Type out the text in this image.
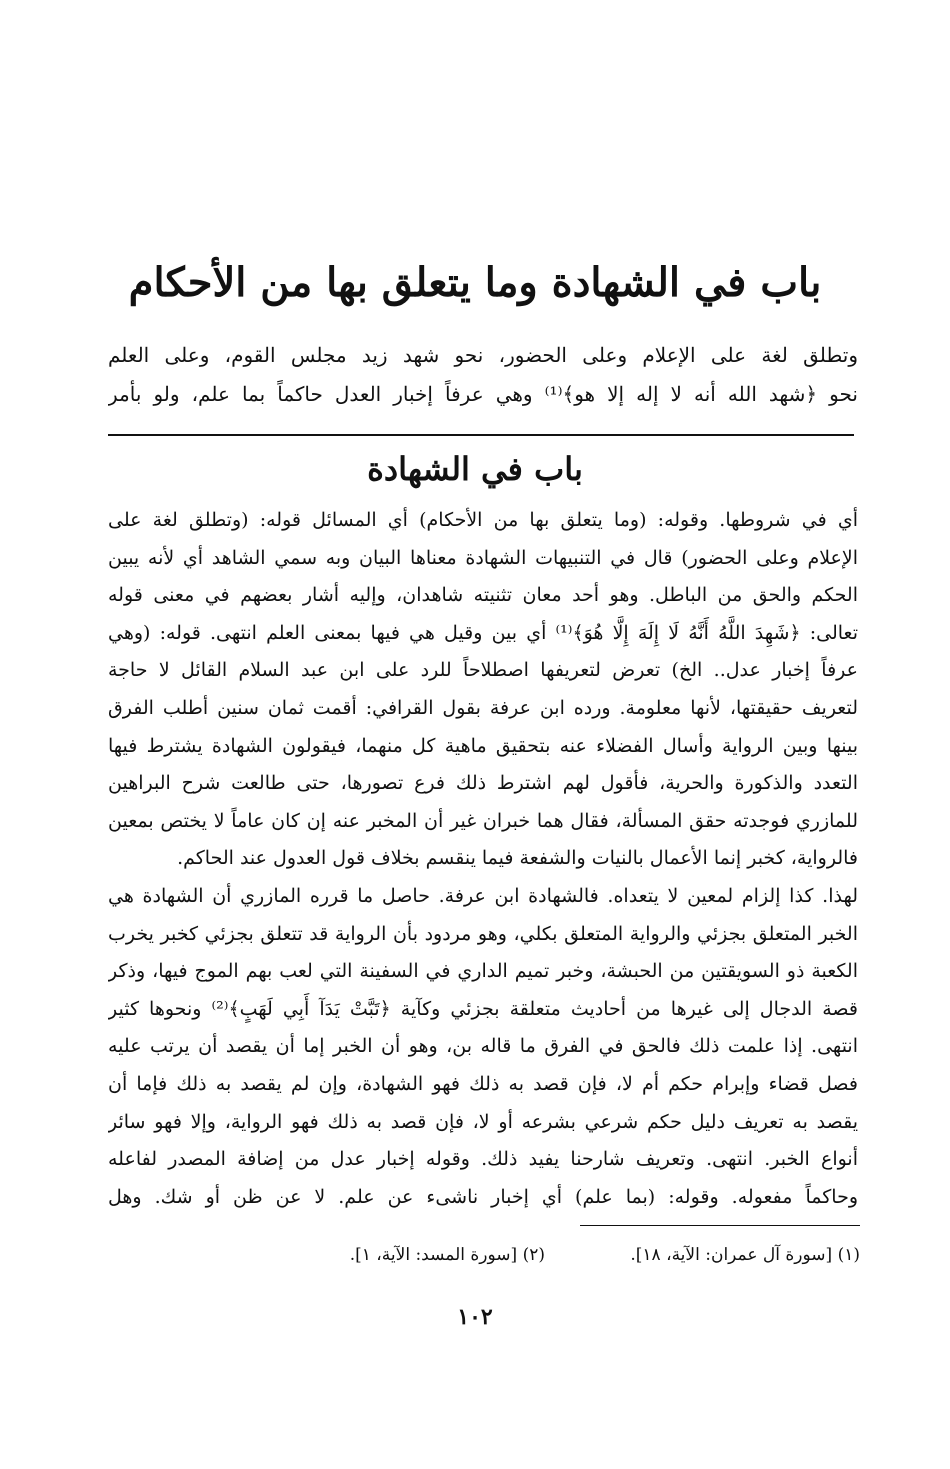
باب في الشهادة وما يتعلق بها من الأحكام

وتطلق لغة على الإعلام وعلى الحضور، نحو شهد زيد مجلس القوم، وعلى العلم

نحو ﴿شهد الله أنه لا إله إلا هو﴾⁽¹⁾ وهي عرفاً إخبار العدل حاكماً بما علم، ولو بأمر

باب في الشهادة
أي في شروطها. وقوله: (وما يتعلق بها من الأحكام) أي المسائل قوله: (وتطلق لغة على
الإعلام وعلى الحضور) قال في التنبيهات الشهادة معناها البيان وبه سمي الشاهد أي لأنه يبين
الحكم والحق من الباطل. وهو أحد معان تثنيته شاهدان، وإليه أشار بعضهم في معنى قوله
تعالى: ﴿شَهِدَ اللَّهُ أَنَّهُ لَا إِلَهَ إِلَّا هُوَ﴾⁽¹⁾ أي بين وقيل هي فيها بمعنى العلم انتهى. قوله: (وهي
عرفاً إخبار عدل.. الخ) تعرض لتعريفها اصطلاحاً للرد على ابن عبد السلام القائل لا حاجة
لتعريف حقيقتها، لأنها معلومة. ورده ابن عرفة بقول القرافي: أقمت ثمان سنين أطلب الفرق
بينها وبين الرواية وأسال الفضلاء عنه بتحقيق ماهية كل منهما، فيقولون الشهادة يشترط فيها
التعدد والذكورة والحرية، فأقول لهم اشترط ذلك فرع تصورها، حتى طالعت شرح البراهين
للمازري فوجدته حقق المسألة، فقال هما خبران غير أن المخبر عنه إن كان عاماً لا يختص بمعين
فالرواية، كخبر إنما الأعمال بالنيات والشفعة فيما ينقسم بخلاف قول العدول عند الحاكم.
لهذا. كذا إلزام لمعين لا يتعداه. فالشهادة ابن عرفة. حاصل ما قرره المازري أن الشهادة هي
الخبر المتعلق بجزئي والرواية المتعلق بكلي، وهو مردود بأن الرواية قد تتعلق بجزئي كخبر يخرب
الكعبة ذو السويقتين من الحبشة، وخبر تميم الداري في السفينة التي لعب بهم الموج فيها، وذكر
قصة الدجال إلى غيرها من أحاديث متعلقة بجزئي وكآية ﴿تَبَّتْ يَدَآ أَبِي لَهَبٍ﴾⁽²⁾ ونحوها كثير
انتهى. إذا علمت ذلك فالحق في الفرق ما قاله بن، وهو أن الخبر إما أن يقصد أن يرتب عليه
فصل قضاء وإبرام حكم أم لا، فإن قصد به ذلك فهو الشهادة، وإن لم يقصد به ذلك فإما أن
يقصد به تعريف دليل حكم شرعي بشرعه أو لا، فإن قصد به ذلك فهو الرواية، وإلا فهو سائر
أنواع الخبر. انتهى. وتعريف شارحنا يفيد ذلك. وقوله إخبار عدل من إضافة المصدر لفاعله
وحاكماً مفعوله. وقوله: (بما علم) أي إخبار ناشىء عن علم. لا عن ظن أو شك. وهل
(١) [سورة آل عمران: الآية، ١٨].
(٢) [سورة المسد: الآية، ١].
١٠٢
